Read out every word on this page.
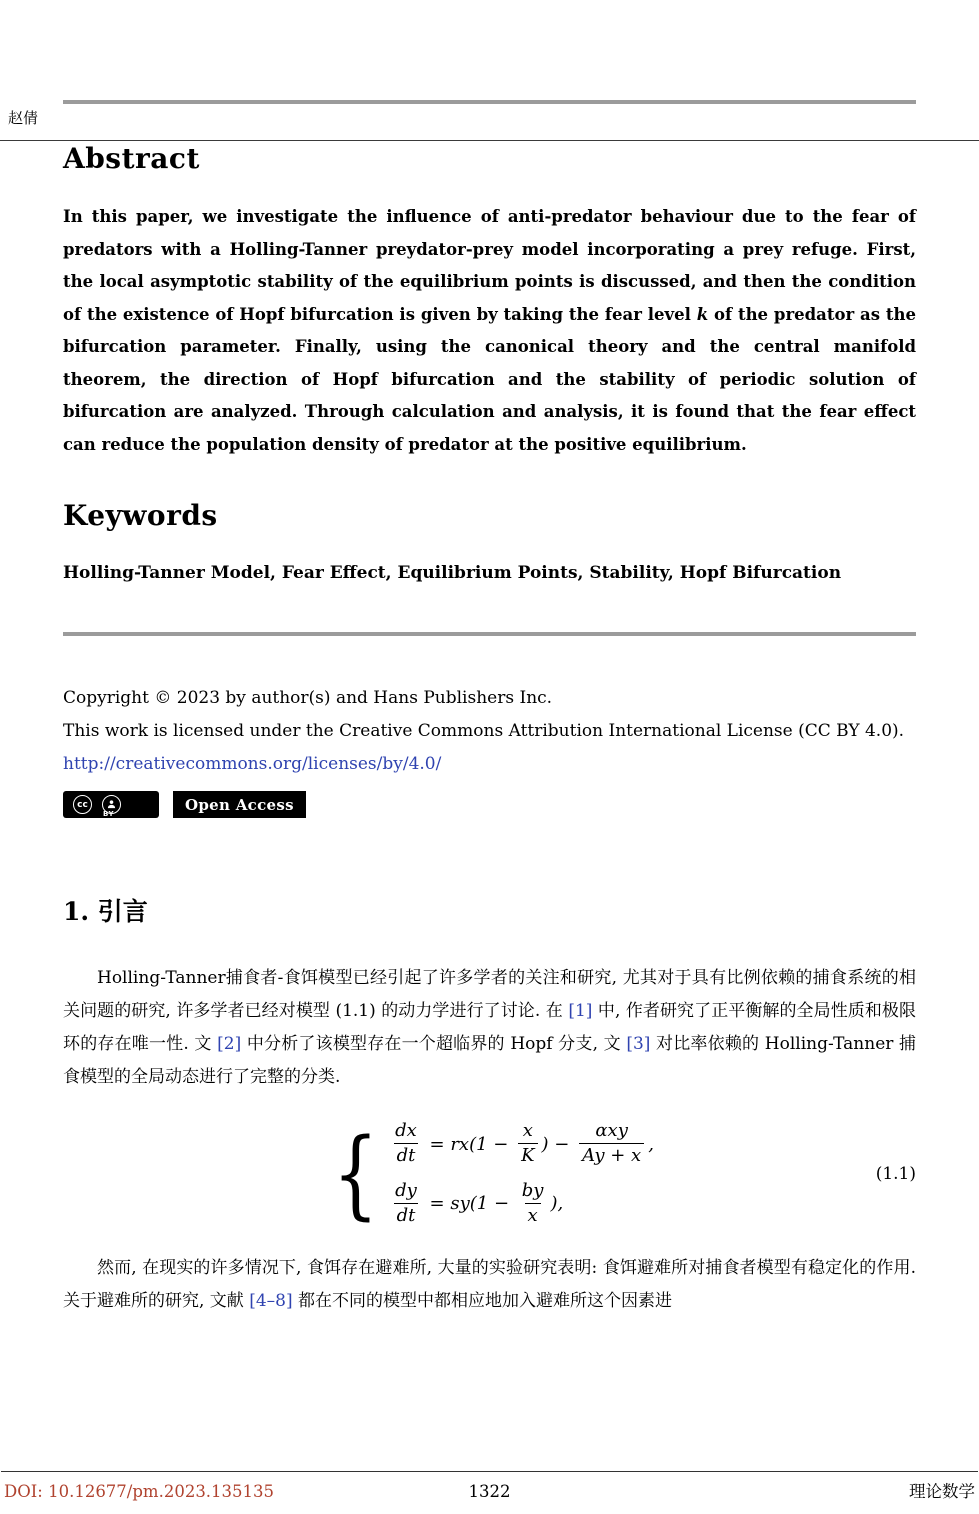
赵倩
Abstract

In this paper, we investigate the influence of anti-predator behaviour due to the fear of predators with a Holling-Tanner preydator-prey model incorporating a prey refuge. First, the local asymptotic stability of the equilibrium points is discussed, and then the condition of the existence of Hopf bifurcation is given by taking the fear level k of the predator as the bifurcation parameter. Finally, using the canonical theory and the central manifold theorem, the direction of Hopf bifurcation and the stability of periodic solution of bifurcation are analyzed. Through calculation and analysis, it is found that the fear effect can reduce the population density of predator at the positive equilibrium.

Keywords

Holling-Tanner Model, Fear Effect, Equilibrium Points, Stability, Hopf Bifurcation

Copyright © 2023 by author(s) and Hans Publishers Inc.

This work is licensed under the Creative Commons Attribution International License (CC BY 4.0).

http://creativecommons.org/licenses/by/4.0/
cc
BY
Open Access
1. 引言

Holling-Tanner捕食者-食饵模型已经引起了许多学者的关注和研究, 尤其对于具有比例依赖的捕食系统的相关问题的研究, 许多学者已经对模型 (1.1) 的动力学进行了讨论. 在 [1] 中, 作者研究了正平衡解的全局性质和极限环的存在唯一性. 文 [2] 中分析了该模型存在一个超临界的 Hopf 分支, 文 [3] 对比率依赖的 Holling-Tanner 捕食模型的全局动态进行了完整的分类.

{ $\frac{dx}{dt} = rx(1 - \frac{x}{K}$ ) − $\frac{\text{αxy}}{Ay + x}$ ,
$\frac{dy}{dt} = sy(1 - \frac{by}{x}$ ),
(1.1)

然而, 在现实的许多情况下, 食饵存在避难所, 大量的实验研究表明: 食饵避难所对捕食者模型有稳定化的作用. 关于避难所的研究, 文献 [4–8] 都在不同的模型中都相应地加入避难所这个因素进

DOI: 10.12677/pm.2023.135135	1322	理论数学
